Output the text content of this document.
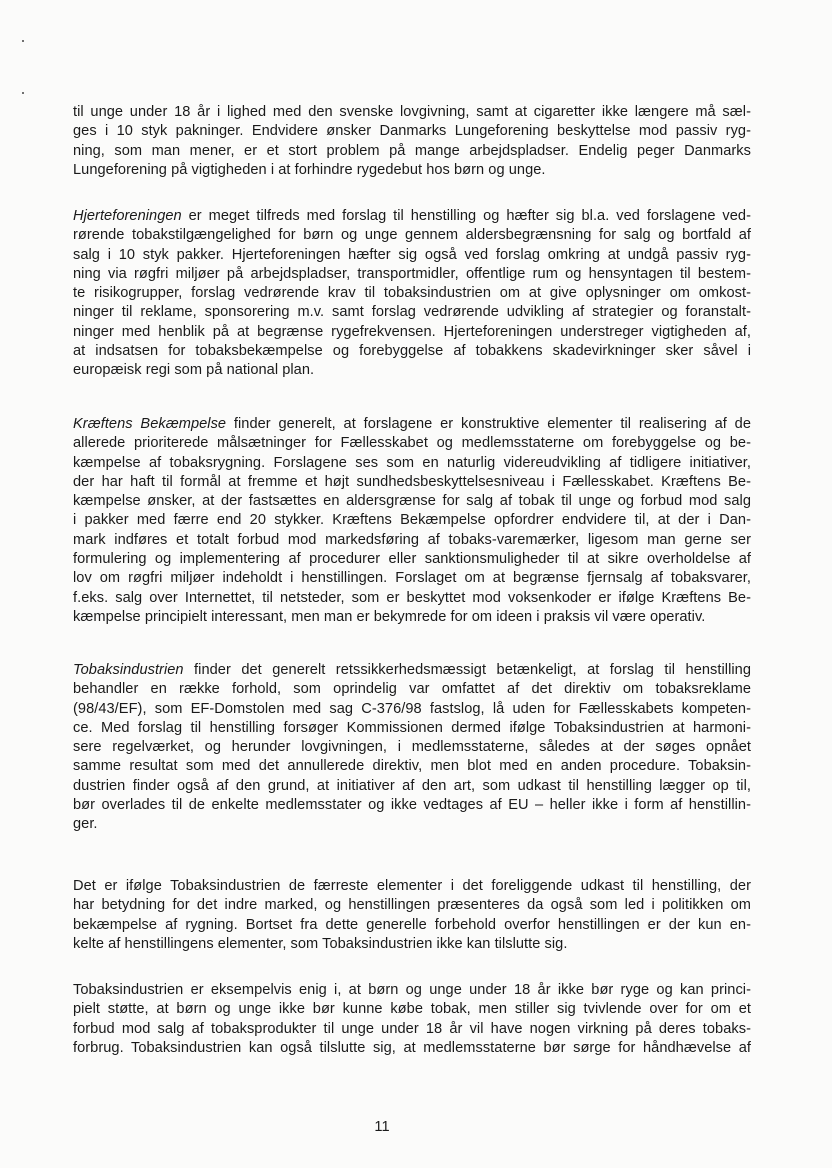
til unge under 18 år i lighed med den svenske lovgivning, samt at cigaretter ikke længere må sæl-
ges i 10 styk pakninger. Endvidere ønsker Danmarks Lungeforening beskyttelse mod passiv ryg-
ning, som man mener, er et stort problem på mange arbejdspladser. Endelig peger Danmarks
Lungeforening på vigtigheden i at forhindre rygedebut hos børn og unge.

Hjerteforeningen er meget tilfreds med forslag til henstilling og hæfter sig bl.a. ved forslagene ved-
rørende tobakstilgængelighed for børn og unge gennem aldersbegrænsning for salg og bortfald af
salg i 10 styk pakker. Hjerteforeningen hæfter sig også ved forslag omkring at undgå passiv ryg-
ning via røgfri miljøer på arbejdspladser, transportmidler, offentlige rum og hensyntagen til bestem-
te risikogrupper, forslag vedrørende krav til tobaksindustrien om at give oplysninger om omkost-
ninger til reklame, sponsorering m.v. samt forslag vedrørende udvikling af strategier og foranstalt-
ninger med henblik på at begrænse rygefrekvensen. Hjerteforeningen understreger vigtigheden af,
at indsatsen for tobaksbekæmpelse og forebyggelse af tobakkens skadevirkninger sker såvel i
europæisk regi som på national plan.

Kræftens Bekæmpelse finder generelt, at forslagene er konstruktive elementer til realisering af de
allerede prioriterede målsætninger for Fællesskabet og medlemsstaterne om forebyggelse og be-
kæmpelse af tobaksrygning. Forslagene ses som en naturlig videreudvikling af tidligere initiativer,
der har haft til formål at fremme et højt sundhedsbeskyttelsesniveau i Fællesskabet. Kræftens Be-
kæmpelse ønsker, at der fastsættes en aldersgrænse for salg af tobak til unge og forbud mod salg
i pakker med færre end 20 stykker. Kræftens Bekæmpelse opfordrer endvidere til, at der i Dan-
mark indføres et totalt forbud mod markedsføring af tobaks-varemærker, ligesom man gerne ser
formulering og implementering af procedurer eller sanktionsmuligheder til at sikre overholdelse af
lov om røgfri miljøer indeholdt i henstillingen. Forslaget om at begrænse fjernsalg af tobaksvarer,
f.eks. salg over Internettet, til netsteder, som er beskyttet mod voksenkoder er ifølge Kræftens Be-
kæmpelse principielt interessant, men man er bekymrede for om ideen i praksis vil være operativ.

Tobaksindustrien finder det generelt retssikkerhedsmæssigt betænkeligt, at forslag til henstilling
behandler en række forhold, som oprindelig var omfattet af det direktiv om tobaksreklame
(98/43/EF), som EF-Domstolen med sag C-376/98 fastslog, lå uden for Fællesskabets kompeten-
ce. Med forslag til henstilling forsøger Kommissionen dermed ifølge Tobaksindustrien at harmoni-
sere regelværket, og herunder lovgivningen, i medlemsstaterne, således at der søges opnået
samme resultat som med det annullerede direktiv, men blot med en anden procedure. Tobaksin-
dustrien finder også af den grund, at initiativer af den art, som udkast til henstilling lægger op til,
bør overlades til de enkelte medlemsstater og ikke vedtages af EU – heller ikke i form af henstillin-
ger.

Det er ifølge Tobaksindustrien de færreste elementer i det foreliggende udkast til henstilling, der
har betydning for det indre marked, og henstillingen præsenteres da også som led i politikken om
bekæmpelse af rygning. Bortset fra dette generelle forbehold overfor henstillingen er der kun en-
kelte af henstillingens elementer, som Tobaksindustrien ikke kan tilslutte sig.

Tobaksindustrien er eksempelvis enig i, at børn og unge under 18 år ikke bør ryge og kan princi-
pielt støtte, at børn og unge ikke bør kunne købe tobak, men stiller sig tvivlende over for om et
forbud mod salg af tobaksprodukter til unge under 18 år vil have nogen virkning på deres tobaks-
forbrug. Tobaksindustrien kan også tilslutte sig, at medlemsstaterne bør sørge for håndhævelse af

11
